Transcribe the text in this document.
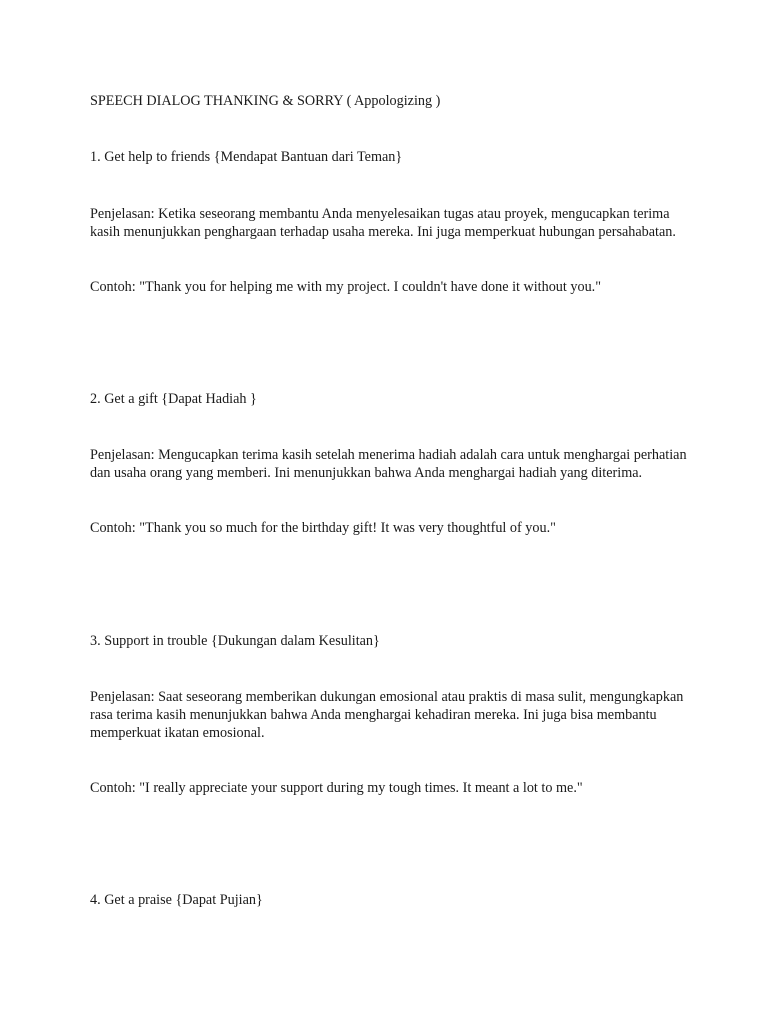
SPEECH DIALOG THANKING & SORRY ( Appologizing )

1. Get help to friends {Mendapat Bantuan dari Teman}

Penjelasan: Ketika seseorang membantu Anda menyelesaikan tugas atau proyek, mengucapkan terima kasih menunjukkan penghargaan terhadap usaha mereka. Ini juga memperkuat hubungan persahabatan.

Contoh: "Thank you for helping me with my project. I couldn't have done it without you."

2. Get a gift {Dapat Hadiah }

Penjelasan: Mengucapkan terima kasih setelah menerima hadiah adalah cara untuk menghargai perhatian dan usaha orang yang memberi. Ini menunjukkan bahwa Anda menghargai hadiah yang diterima.

Contoh: "Thank you so much for the birthday gift! It was very thoughtful of you."

3. Support in trouble {Dukungan dalam Kesulitan}

Penjelasan: Saat seseorang memberikan dukungan emosional atau praktis di masa sulit, mengungkapkan rasa terima kasih menunjukkan bahwa Anda menghargai kehadiran mereka. Ini juga bisa membantu memperkuat ikatan emosional.

Contoh: "I really appreciate your support during my tough times. It meant a lot to me."

4. Get a praise {Dapat Pujian}
